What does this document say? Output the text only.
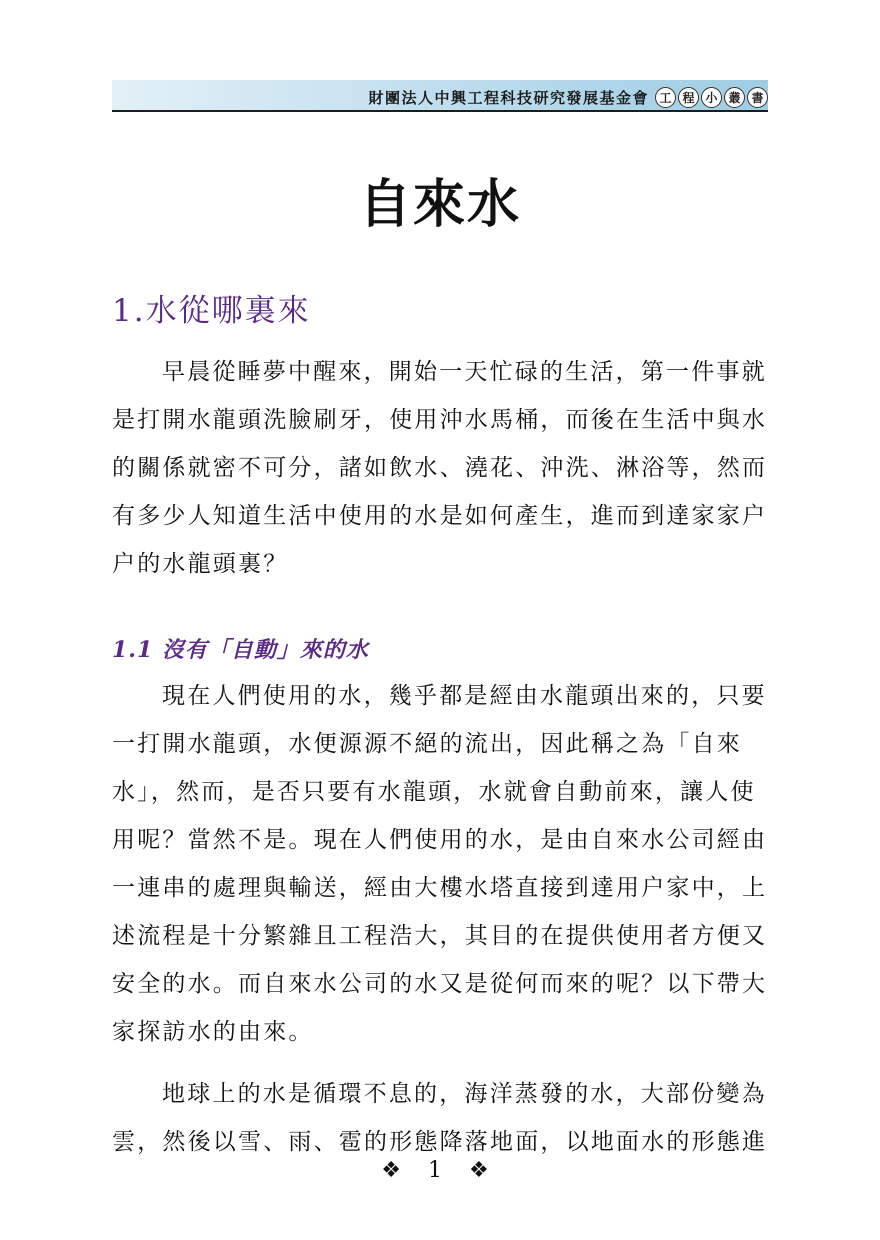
財團法人中興工程科技研究發展基金會 工 程 小 叢 書
自來水
1.水從哪裏來
早晨從睡夢中醒來，開始一天忙碌的生活，第一件事就
是打開水龍頭洗臉刷牙，使用沖水馬桶，而後在生活中與水
的關係就密不可分，諸如飲水、澆花、沖洗、淋浴等，然而
有多少人知道生活中使用的水是如何產生，進而到達家家户
户的水龍頭裏？
1.1 沒有「自動」來的水
現在人們使用的水，幾乎都是經由水龍頭出來的，只要
一打開水龍頭，水便源源不絕的流出，因此稱之為「自來
水」，然而，是否只要有水龍頭，水就會自動前來，讓人使
用呢？當然不是。現在人們使用的水，是由自來水公司經由
一連串的處理與輸送，經由大樓水塔直接到達用户家中，上
述流程是十分繁雜且工程浩大，其目的在提供使用者方便又
安全的水。而自來水公司的水又是從何而來的呢？以下帶大
家探訪水的由來。
地球上的水是循環不息的，海洋蒸發的水，大部份變為
雲，然後以雪、雨、雹的形態降落地面，以地面水的形態進
❖ 1 ❖
